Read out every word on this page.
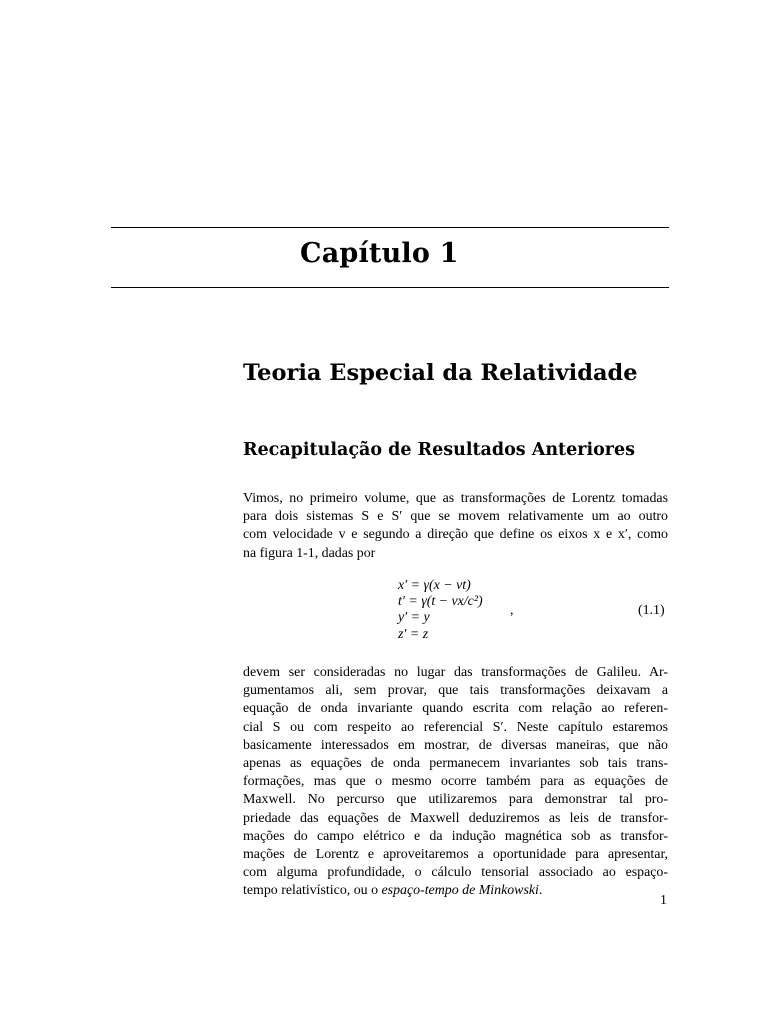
Capítulo 1
Teoria Especial da Relatividade
Recapitulação de Resultados Anteriores
Vimos, no primeiro volume, que as transformações de Lorentz tomadas
para dois sistemas S e S′ que se movem relativamente um ao outro
com velocidade v e segundo a direção que define os eixos x e x′, como
na figura 1-1, dadas por
x′ = γ(x − vt)
t′ = γ(t − vx/c²)
y′ = y
z′ = z
,	(1.1)
devem ser consideradas no lugar das transformações de Galileu. Ar-
gumentamos ali, sem provar, que tais transformações deixavam a
equação de onda invariante quando escrita com relação ao referen-
cial S ou com respeito ao referencial S′. Neste capítulo estaremos
basicamente interessados em mostrar, de diversas maneiras, que não
apenas as equações de onda permanecem invariantes sob tais trans-
formações, mas que o mesmo ocorre também para as equações de
Maxwell. No percurso que utilizaremos para demonstrar tal pro-
priedade das equações de Maxwell deduziremos as leis de transfor-
mações do campo elétrico e da indução magnética sob as transfor-
mações de Lorentz e aproveitaremos a oportunidade para apresentar,
com alguma profundidade, o cálculo tensorial associado ao espaço-
tempo relativístico, ou o espaço-tempo de Minkowski.
1
